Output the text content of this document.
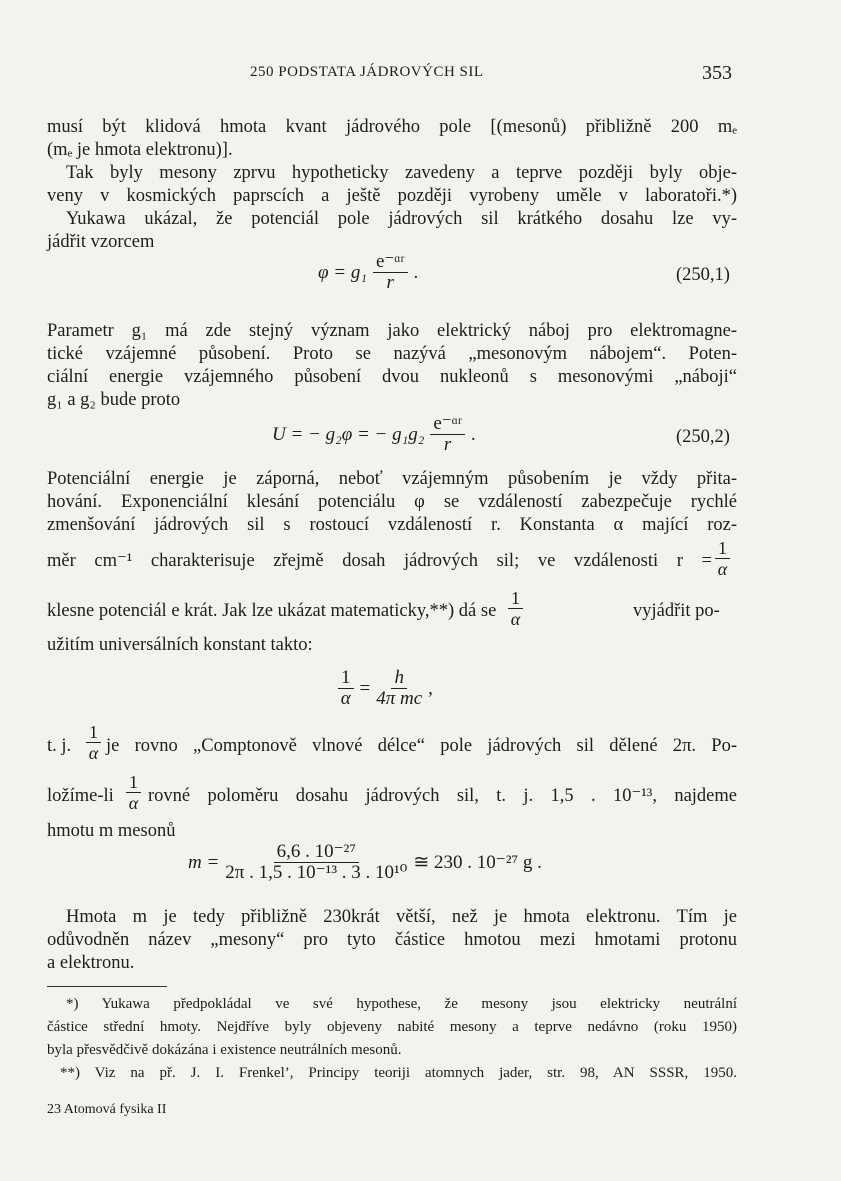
250 PODSTATA JÁDROVÝCH SIL	353
musí být klidová hmota kvant jádrového pole [(mesonů) přibližně 200 mₑ
(mₑ je hmota elektronu)].
Tak byly mesony zprvu hypotheticky zavedeny a teprve později byly obje-
veny v kosmických paprscích a ještě později vyrobeny uměle v laboratoři.*)
Yukawa ukázal, že potenciál pole jádrových sil krátkého dosahu lze vy-
jádřit vzorcem
$\varphi = g_1 \frac{\text{e⁻ᵅʳ}}{r}$ .	(250,1)
Parametr g₁ má zde stejný význam jako elektrický náboj pro elektromagne-
tické vzájemné působení. Proto se nazývá „mesonovým nábojem“. Poten-
ciální energie vzájemného působení dvou nukleonů s mesonovými „náboji“
g₁ a g₂ bude proto
U = − g₂φ = − $g_1g_2 \frac{\text{e⁻ᵅʳ}}{r}$ .	(250,2)
Potenciální energie je záporná, neboť vzájemným působením je vždy přita-
hování. Exponenciální klesání potenciálu φ se vzdáleností zabezpečuje rychlé
zmenšování jádrových sil s rostoucí vzdáleností r. Konstanta α mající roz-
měr cm⁻¹ charakterisuje zřejmě dosah jádrových sil; ve vzdálenosti $r = \frac{1}{\alpha}$
klesne potenciál e krát. Jak lze ukázat matematicky,**) dá se $\frac{1}{\alpha}$	vyjádřit po-
užitím universálních konstant takto:
$\frac{1}{\alpha} = \frac{h}{\text{4π mc}}$ ,
t. j. $\frac{1}{\alpha}$ je rovno „Comptonově vlnové délce“ pole jádrových sil dělené 2π. Po-
ložíme-li $\frac{1}{\alpha}$ rovné poloměru dosahu jádrových sil, t. j. 1,5 . 10⁻¹³, najdeme
hmotu m mesonů
$m = \frac{\text{6,6 . 10⁻²⁷}}{\text{2π . 1,5 . 10⁻¹³ . 3 . 10¹⁰}}$ ≅ 230 . 10⁻²⁷ g .
Hmota m je tedy přibližně 230krát větší, než je hmota elektronu. Tím je
odůvodněn název „mesony“ pro tyto částice hmotou mezi hmotami protonu
a elektronu.
*) Yukawa předpokládal ve své hypothese, že mesony jsou elektricky neutrální
částice střední hmoty. Nejdříve byly objeveny nabité mesony a teprve nedávno (roku 1950)
byla přesvědčivě dokázána i existence neutrálních mesonů.
**) Viz na př. J. I. Frenkel’, Principy teoriji atomnych jader, str. 98, AN SSSR, 1950.
23 Atomová fysika II
